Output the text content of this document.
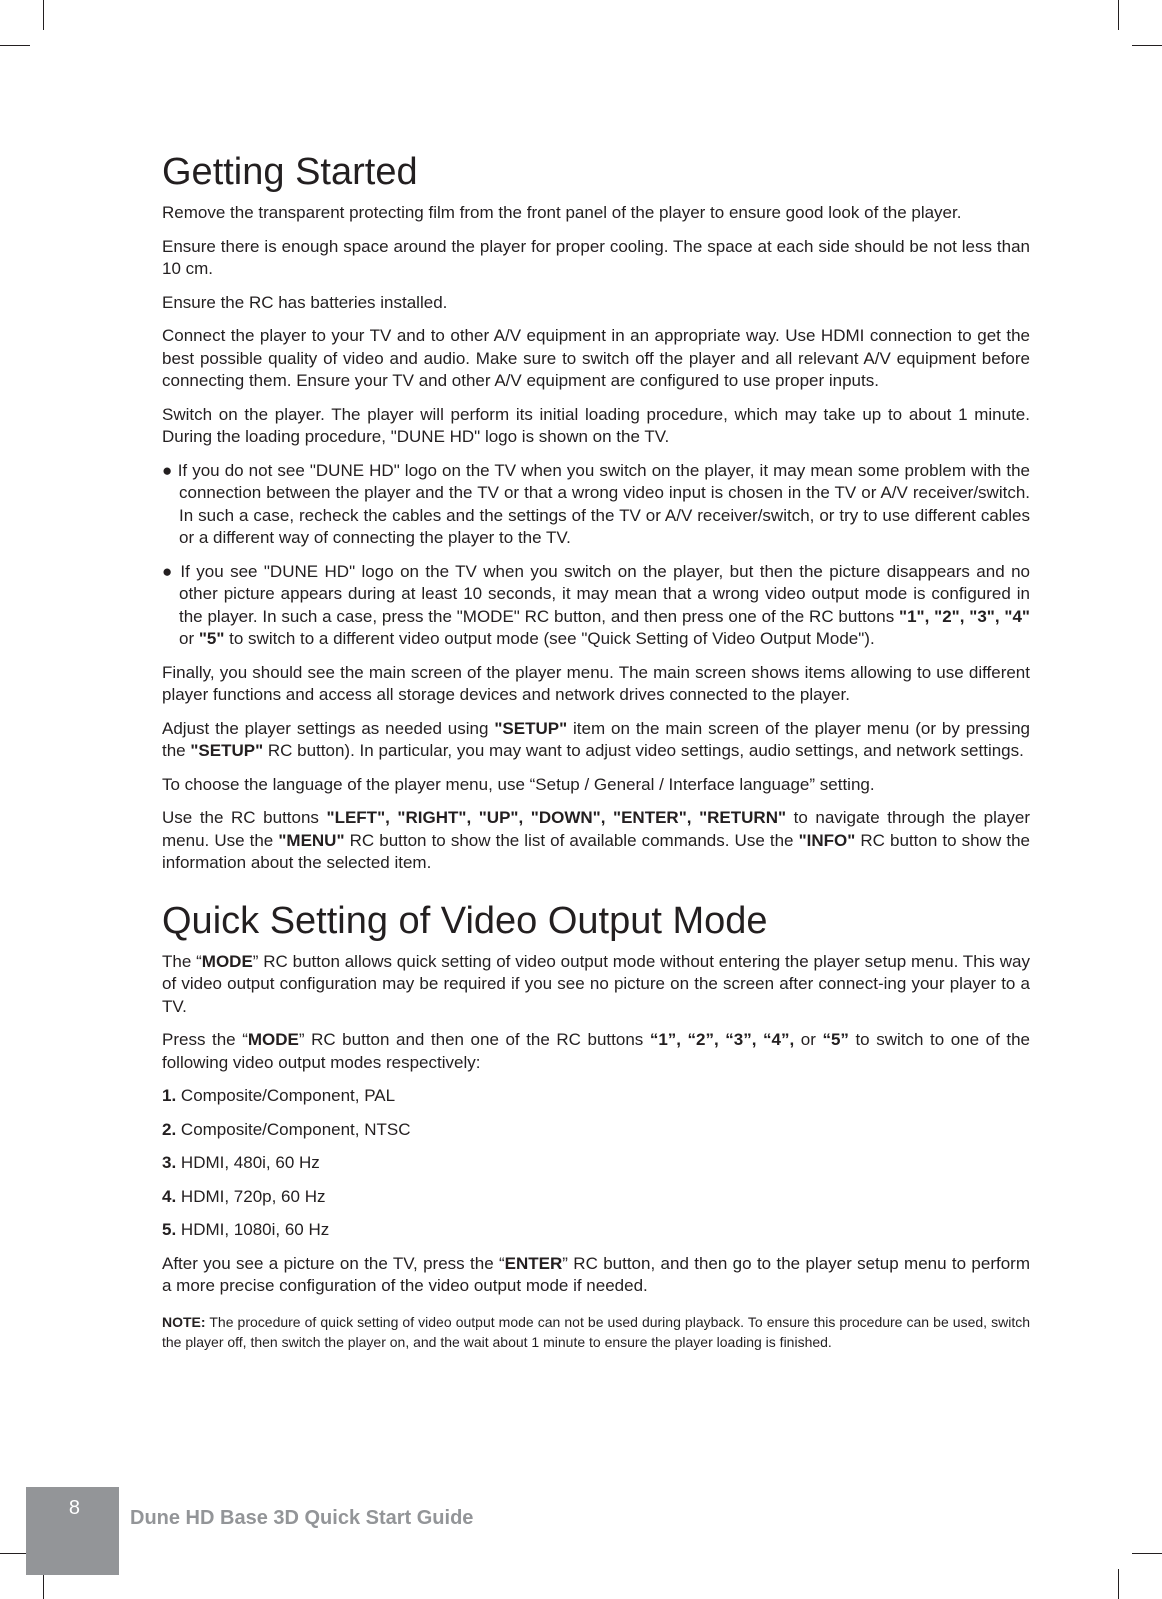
Getting Started

Remove the transparent protecting film from the front panel of the player to ensure good look of the player.

Ensure there is enough space around the player for proper cooling. The space at each side should be not less than 10 cm.

Ensure the RC has batteries installed.

Connect the player to your TV and to other A/V equipment in an appropriate way. Use HDMI connection to get the best possible quality of video and audio. Make sure to switch off the player and all relevant A/V equipment before connecting them. Ensure your TV and other A/V equipment are configured to use proper inputs.

Switch on the player. The player will perform its initial loading procedure, which may take up to about 1 minute. During the loading procedure, "DUNE HD" logo is shown on the TV.

● If you do not see "DUNE HD" logo on the TV when you switch on the player, it may mean some problem with the connection between the player and the TV or that a wrong video input is chosen in the TV or A/V receiver/switch. In such a case, recheck the cables and the settings of the TV or A/V receiver/switch, or try to use different cables or a different way of connecting the player to the TV.

● If you see "DUNE HD" logo on the TV when you switch on the player, but then the picture disappears and no other picture appears during at least 10 seconds, it may mean that a wrong video output mode is configured in the player. In such a case, press the "MODE" RC button, and then press one of the RC buttons "1", "2", "3", "4" or "5" to switch to a different video output mode (see "Quick Setting of Video Output Mode").

Finally, you should see the main screen of the player menu. The main screen shows items allowing to use different player functions and access all storage devices and network drives connected to the player.

Adjust the player settings as needed using "SETUP" item on the main screen of the player menu (or by pressing the "SETUP" RC button). In particular, you may want to adjust video settings, audio settings, and network settings.

To choose the language of the player menu, use “Setup / General / Interface language” setting.

Use the RC buttons "LEFT", "RIGHT", "UP", "DOWN", "ENTER", "RETURN" to navigate through the player menu. Use the "MENU" RC button to show the list of available commands. Use the "INFO" RC button to show the information about the selected item.

Quick Setting of Video Output Mode

The “MODE” RC button allows quick setting of video output mode without entering the player setup menu. This way of video output configuration may be required if you see no picture on the screen after connect-ing your player to a TV.

Press the “MODE” RC button and then one of the RC buttons “1”, “2”, “3”, “4”, or “5” to switch to one of the following video output modes respectively:

1. Composite/Component, PAL

2. Composite/Component, NTSC

3. HDMI, 480i, 60 Hz

4. HDMI, 720p, 60 Hz

5. HDMI, 1080i, 60 Hz

After you see a picture on the TV, press the “ENTER” RC button, and then go to the player setup menu to perform a more precise configuration of the video output mode if needed.

NOTE: The procedure of quick setting of video output mode can not be used during playback. To ensure this procedure can be used, switch the player off, then switch the player on, and the wait about 1 minute to ensure the player loading is finished.

8	Dune HD Base 3D Quick Start Guide
